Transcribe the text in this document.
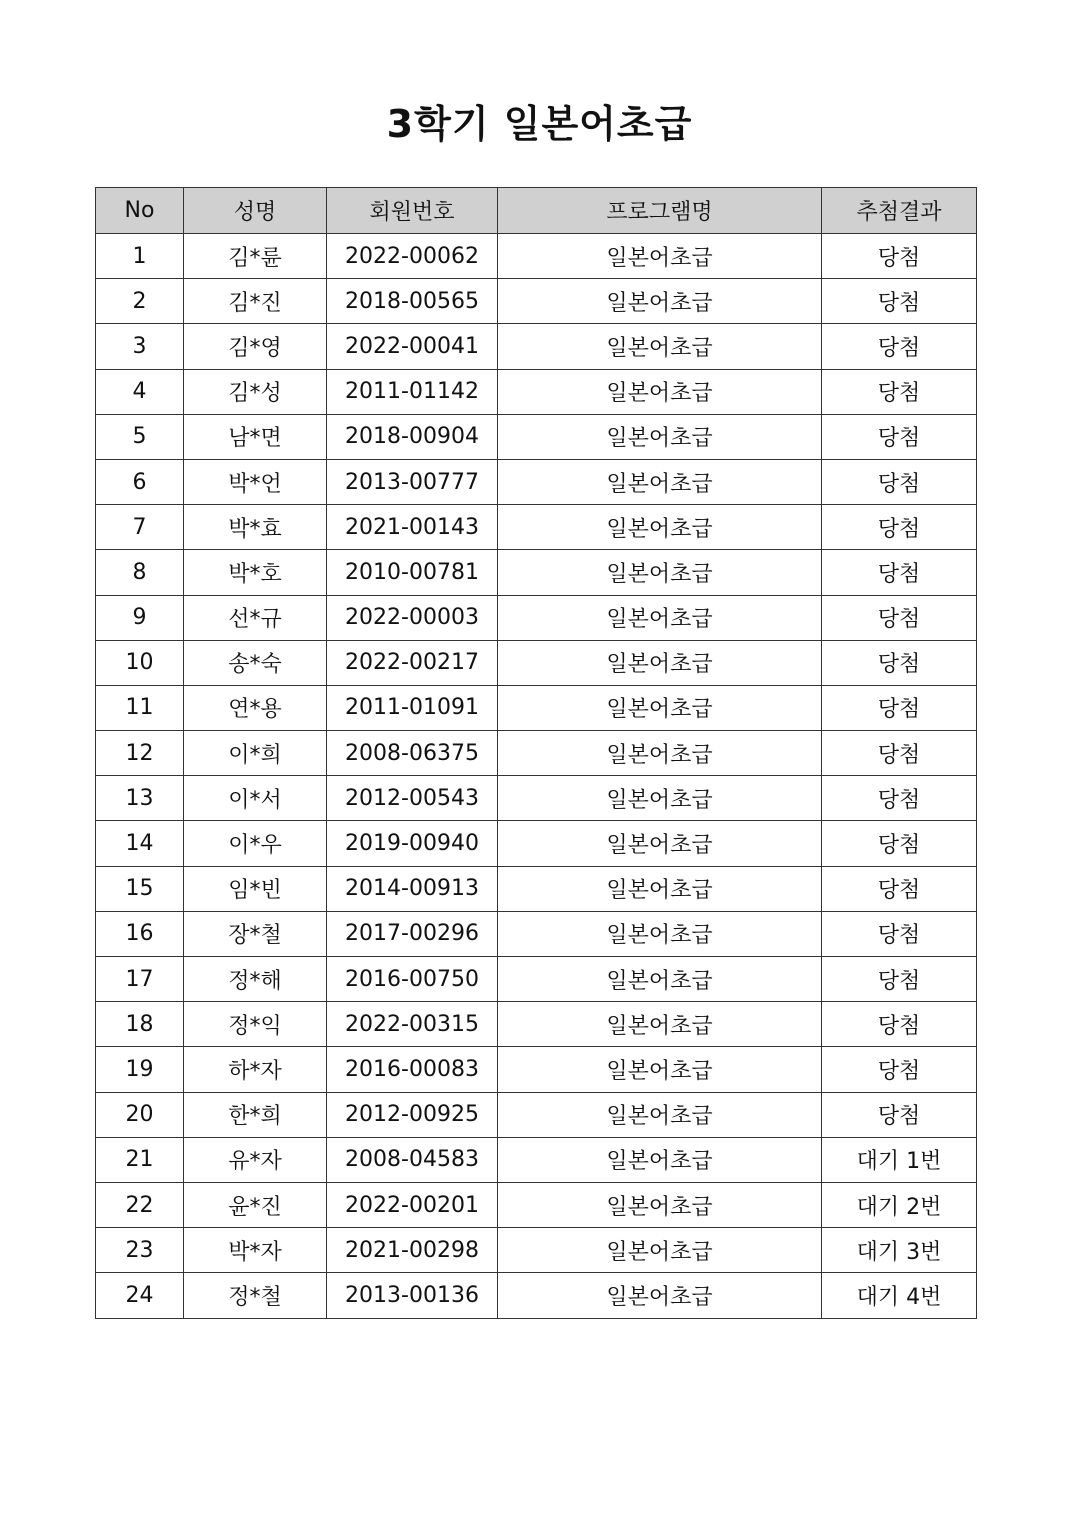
3학기 일본어초급
No	성명	회원번호	프로그램명	추첨결과
1	김*륜	2022-00062	일본어초급	당첨
2	김*진	2018-00565	일본어초급	당첨
3	김*영	2022-00041	일본어초급	당첨
4	김*성	2011-01142	일본어초급	당첨
5	남*면	2018-00904	일본어초급	당첨
6	박*언	2013-00777	일본어초급	당첨
7	박*효	2021-00143	일본어초급	당첨
8	박*호	2010-00781	일본어초급	당첨
9	선*규	2022-00003	일본어초급	당첨
10	송*숙	2022-00217	일본어초급	당첨
11	연*용	2011-01091	일본어초급	당첨
12	이*희	2008-06375	일본어초급	당첨
13	이*서	2012-00543	일본어초급	당첨
14	이*우	2019-00940	일본어초급	당첨
15	임*빈	2014-00913	일본어초급	당첨
16	장*철	2017-00296	일본어초급	당첨
17	정*해	2016-00750	일본어초급	당첨
18	정*익	2022-00315	일본어초급	당첨
19	하*자	2016-00083	일본어초급	당첨
20	한*희	2012-00925	일본어초급	당첨
21	유*자	2008-04583	일본어초급	대기 1번
22	윤*진	2022-00201	일본어초급	대기 2번
23	박*자	2021-00298	일본어초급	대기 3번
24	정*철	2013-00136	일본어초급	대기 4번
